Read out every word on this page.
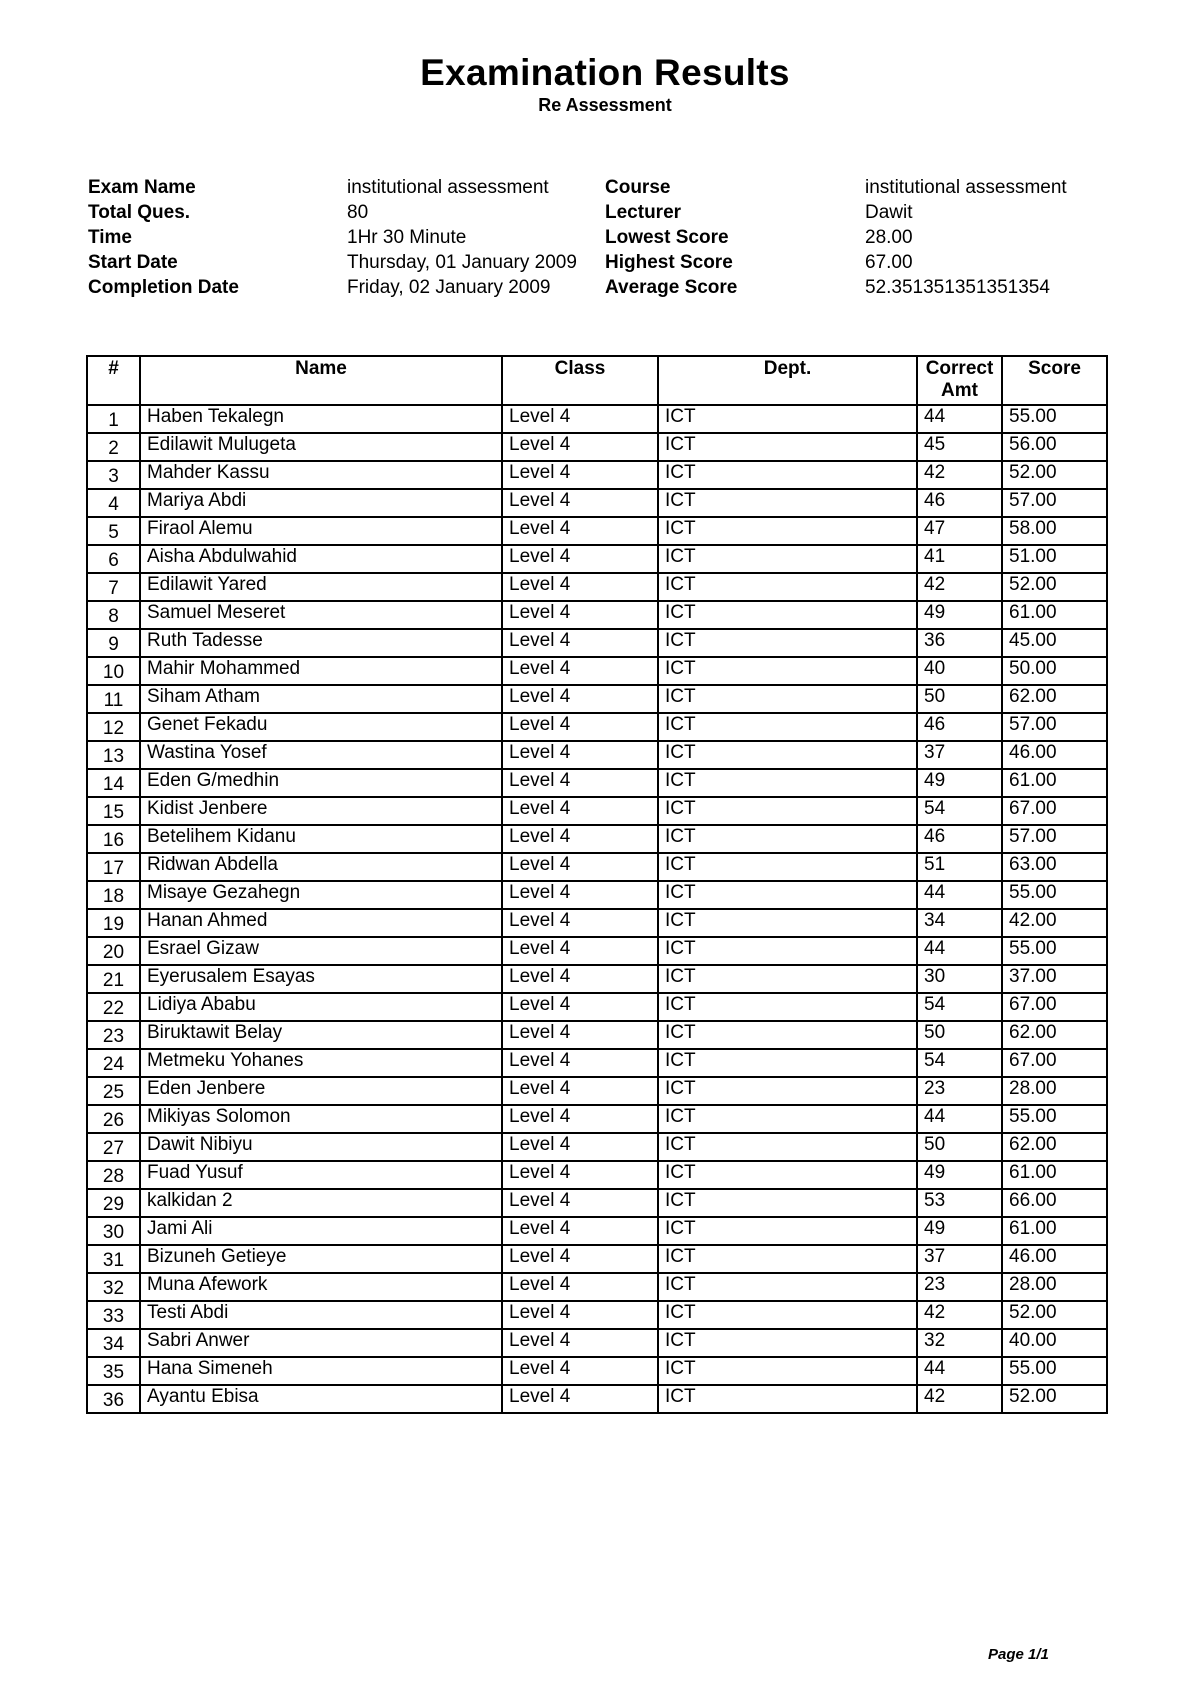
Examination Results
Re Assessment
Exam Name	institutional assessment
Total Ques.	80
Time	1Hr 30 Minute
Start Date	Thursday, 01 January 2009
Completion Date	Friday, 02 January 2009
Course	institutional assessment
Lecturer	Dawit
Lowest Score	28.00
Highest Score	67.00
Average Score	52.351351351351354
#	Name	Class	Dept.	Correct Amt	Score
1	Haben Tekalegn	Level 4	ICT	44	55.00
2	Edilawit Mulugeta	Level 4	ICT	45	56.00
3	Mahder Kassu	Level 4	ICT	42	52.00
4	Mariya Abdi	Level 4	ICT	46	57.00
5	Firaol Alemu	Level 4	ICT	47	58.00
6	Aisha Abdulwahid	Level 4	ICT	41	51.00
7	Edilawit Yared	Level 4	ICT	42	52.00
8	Samuel Meseret	Level 4	ICT	49	61.00
9	Ruth Tadesse	Level 4	ICT	36	45.00
10	Mahir Mohammed	Level 4	ICT	40	50.00
11	Siham Atham	Level 4	ICT	50	62.00
12	Genet Fekadu	Level 4	ICT	46	57.00
13	Wastina Yosef	Level 4	ICT	37	46.00
14	Eden G/medhin	Level 4	ICT	49	61.00
15	Kidist Jenbere	Level 4	ICT	54	67.00
16	Betelihem Kidanu	Level 4	ICT	46	57.00
17	Ridwan Abdella	Level 4	ICT	51	63.00
18	Misaye Gezahegn	Level 4	ICT	44	55.00
19	Hanan Ahmed	Level 4	ICT	34	42.00
20	Esrael Gizaw	Level 4	ICT	44	55.00
21	Eyerusalem Esayas	Level 4	ICT	30	37.00
22	Lidiya Ababu	Level 4	ICT	54	67.00
23	Biruktawit Belay	Level 4	ICT	50	62.00
24	Metmeku Yohanes	Level 4	ICT	54	67.00
25	Eden Jenbere	Level 4	ICT	23	28.00
26	Mikiyas Solomon	Level 4	ICT	44	55.00
27	Dawit Nibiyu	Level 4	ICT	50	62.00
28	Fuad Yusuf	Level 4	ICT	49	61.00
29	kalkidan 2	Level 4	ICT	53	66.00
30	Jami Ali	Level 4	ICT	49	61.00
31	Bizuneh Getieye	Level 4	ICT	37	46.00
32	Muna Afework	Level 4	ICT	23	28.00
33	Testi Abdi	Level 4	ICT	42	52.00
34	Sabri Anwer	Level 4	ICT	32	40.00
35	Hana Simeneh	Level 4	ICT	44	55.00
36	Ayantu Ebisa	Level 4	ICT	42	52.00
Page 1/1
